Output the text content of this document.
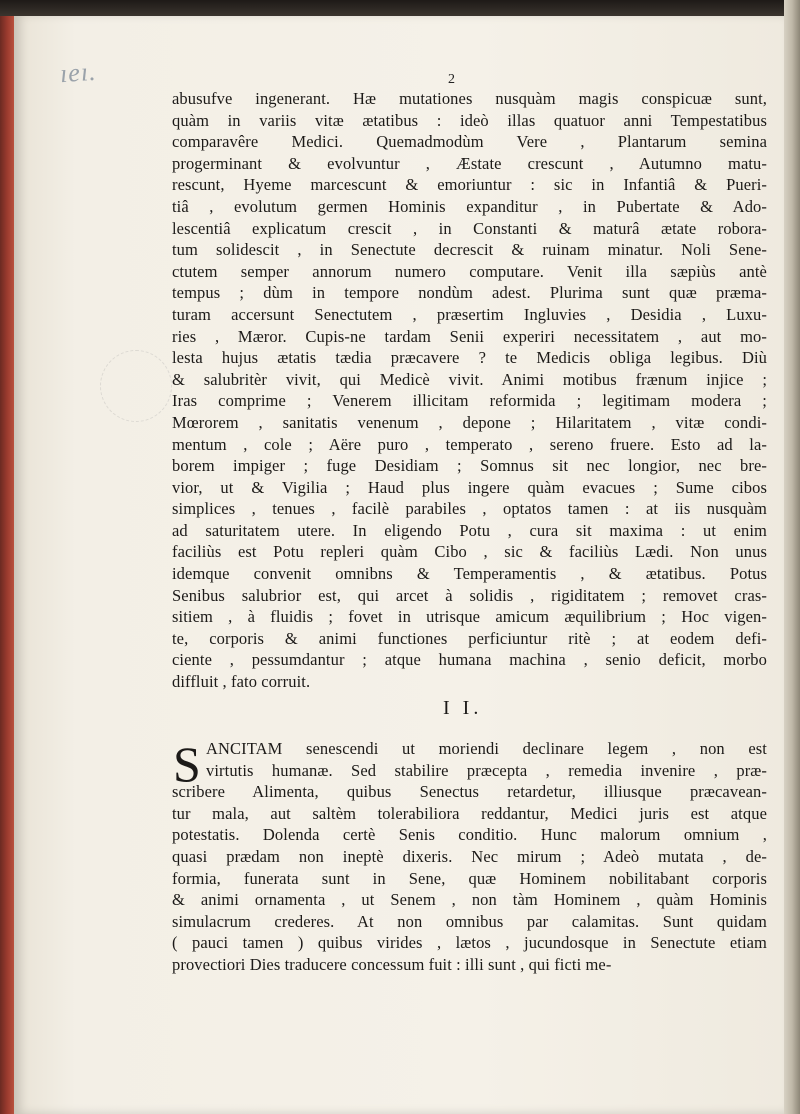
ıeı.	2
abusufve ingenerant. Hæ mutationes nusquàm magis conspicuæ sunt,
quàm in variis vitæ ætatibus : ideò illas quatuor anni Tempestatibus
comparavêre Medici. Quemadmodùm Vere , Plantarum semina
progerminant & evolvuntur , Æstate crescunt , Autumno matu-
rescunt, Hyeme marcescunt & emoriuntur : sic in Infantiâ & Pueri-
tiâ , evolutum germen Hominis expanditur , in Pubertate & Ado-
lescentiâ explicatum crescit , in Constanti & maturâ ætate robora-
tum solidescit , in Senectute decrescit & ruinam minatur. Noli Sene-
ctutem semper annorum numero computare. Venit illa sæpiùs antè
tempus ; dùm in tempore nondùm adest. Plurima sunt quæ præma-
turam accersunt Senectutem , præsertim Ingluvies , Desidia , Luxu-
ries , Mæror. Cupis-ne tardam Senii experiri necessitatem , aut mo-
lesta hujus ætatis tædia præcavere ? te Medicis obliga legibus. Diù
& salubritèr vivit, qui Medicè vivit. Animi motibus frænum injice ;
Iras comprime ; Venerem illicitam reformida ; legitimam modera ;
Mœrorem , sanitatis venenum , depone ; Hilaritatem , vitæ condi-
mentum , cole ; Aëre puro , temperato , sereno fruere. Esto ad la-
borem impiger ; fuge Desidiam ; Somnus sit nec longior, nec bre-
vior, ut & Vigilia ; Haud plus ingere quàm evacues ; Sume cibos
simplices , tenues , facilè parabiles , optatos tamen : at iis nusquàm
ad saturitatem utere. In eligendo Potu , cura sit maxima : ut enim
faciliùs est Potu repleri quàm Cibo , sic & faciliùs Lædi. Non unus
idemque convenit omnibns & Temperamentis , & ætatibus. Potus
Senibus salubrior est, qui arcet à solidis , rigiditatem ; removet cras-
sitiem , à fluidis ; fovet in utrisque amicum æquilibrium ; Hoc vigen-
te, corporis & animi functiones perficiuntur ritè ; at eodem defi-
ciente , pessumdantur ; atque humana machina , senio deficit, morbo
diffluit , fato corruit.
I I.
S ANCITAM senescendi ut moriendi declinare legem , non est
virtutis humanæ. Sed stabilire præcepta , remedia invenire , præ-
scribere Alimenta, quibus Senectus retardetur, illiusque præcavean-
tur mala, aut saltèm tolerabiliora reddantur, Medici juris est atque
potestatis. Dolenda certè Senis conditio. Hunc malorum omnium ,
quasi prædam non ineptè dixeris. Nec mirum ; Adeò mutata , de-
formia, funerata sunt in Sene, quæ Hominem nobilitabant corporis
& animi ornamenta , ut Senem , non tàm Hominem , quàm Hominis
simulacrum crederes. At non omnibus par calamitas. Sunt quidam
( pauci tamen ) quibus virides , lætos , jucundosque in Senectute etiam
provectiori Dies traducere concessum fuit : illi sunt , qui ficti me-
